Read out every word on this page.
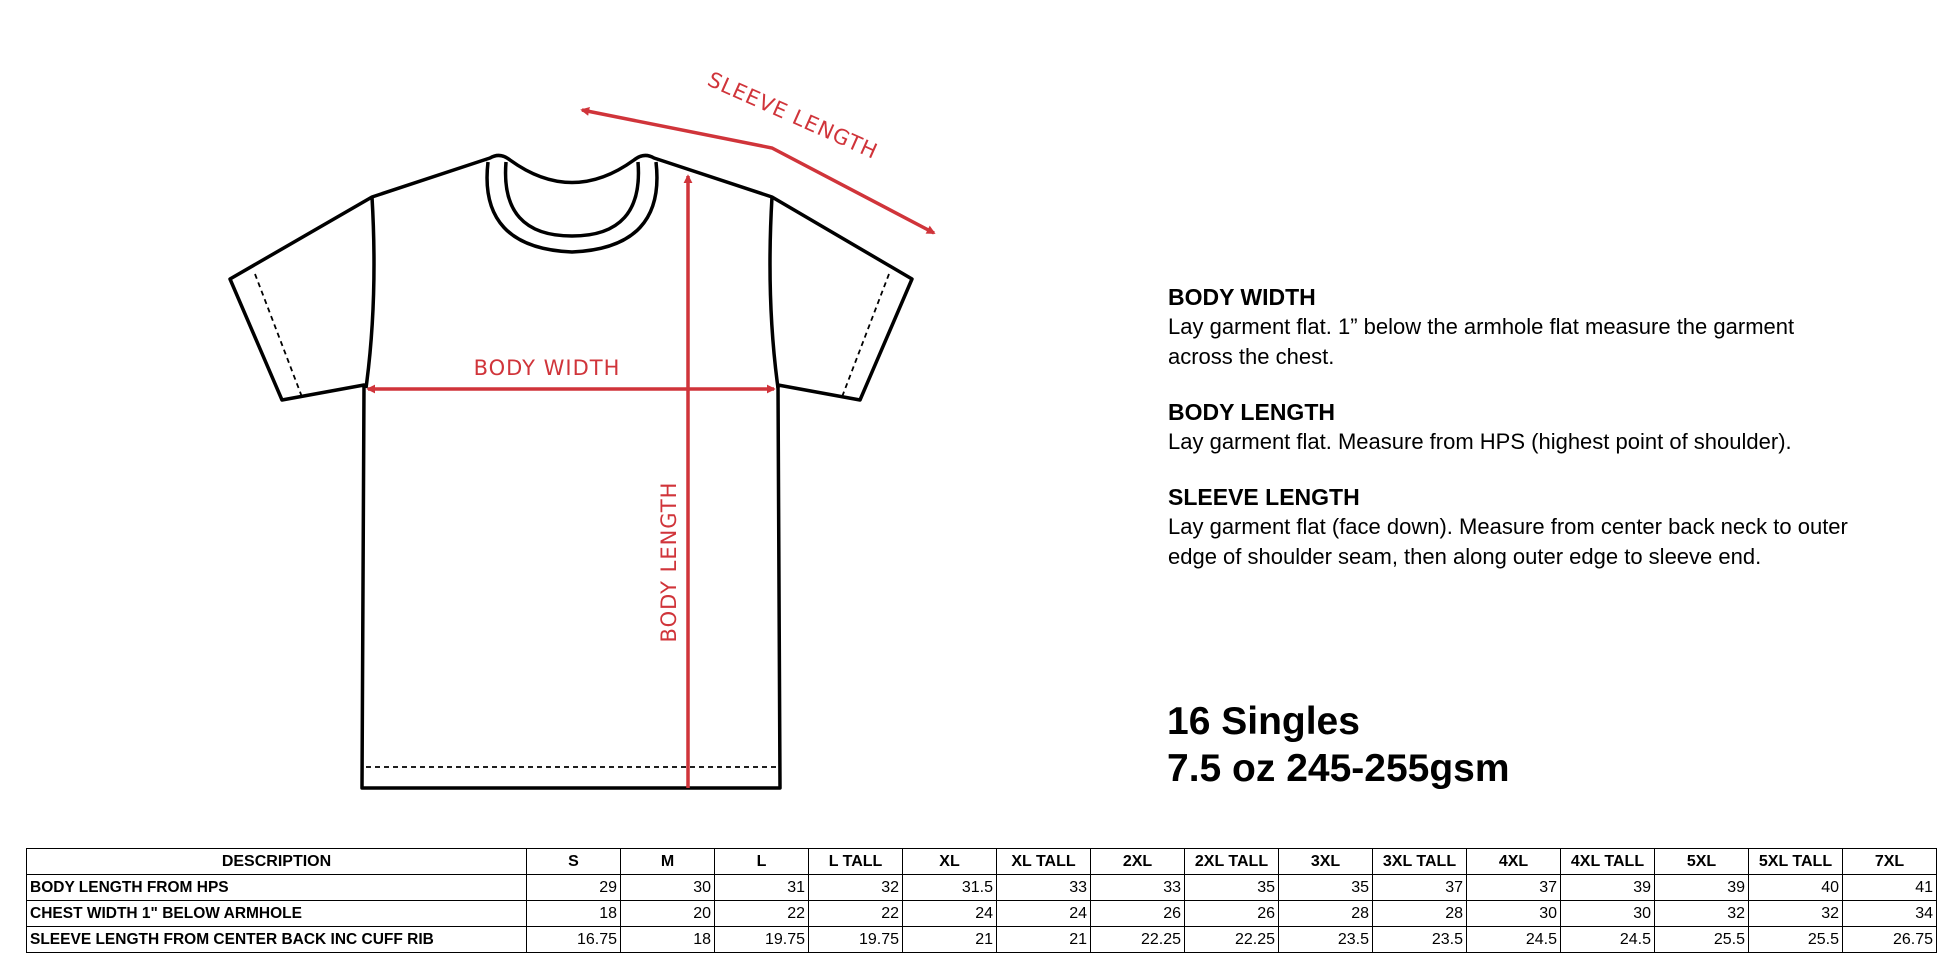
SLEEVE LENGTH
BODY WIDTH
BODY LENGTH
BODY WIDTH
Lay garment flat. 1” below the armhole flat measure the garment across the chest.
BODY LENGTH
Lay garment flat. Measure from HPS (highest point of shoulder).
SLEEVE LENGTH
Lay garment flat (face down). Measure from center back neck to outer edge of shoulder seam, then along outer edge to sleeve end.
16 Singles
7.5 oz 245-255gsm
DESCRIPTION	S	M	L	L TALL	XL	XL TALL	2XL	2XL TALL	3XL	3XL TALL	4XL	4XL TALL	5XL	5XL TALL	7XL
BODY LENGTH FROM HPS	29	30	31	32	31.5	33	33	35	35	37	37	39	39	40	41
CHEST WIDTH 1" BELOW ARMHOLE	18	20	22	22	24	24	26	26	28	28	30	30	32	32	34
SLEEVE LENGTH FROM CENTER BACK INC CUFF RIB	16.75	18	19.75	19.75	21	21	22.25	22.25	23.5	23.5	24.5	24.5	25.5	25.5	26.75
